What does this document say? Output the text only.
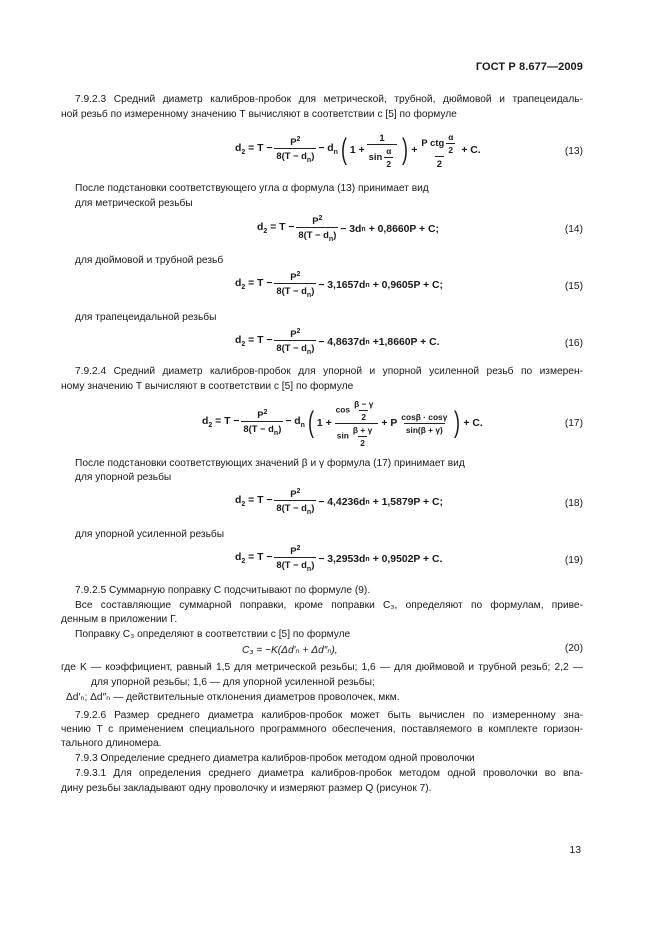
ГОСТ Р 8.677—2009
7.9.2.3 Средний диаметр калибров-пробок для метрической, трубной, дюймовой и трапецеидаль-
ной резьб по измеренному значению Т вычисляют в соответствии с [5] по формуле
$d_2 = T - \frac{P^2}{8(T - d_n)} - d_n$ ( $1 + \frac{1}{\sin \frac{\alpha}{2}}$ ) + $\frac{P ctg \frac{\alpha}{2}}{2} + C$.	(13)
После подстановки соответствующего угла α формула (13) принимает вид
для метрической резьбы
$d_2 = T - \frac{P^2}{8(T - d_n)} - 3d$ n + 0,8660P + C;	(14)
для дюймовой и трубной резьб
$d_2 = T - \frac{P^2}{8(T - d_n)} - 3,1657d$ n + 0,9605P + C;	(15)
для трапецеидальной резьбы
$d_2 = T - \frac{P^2}{8(T - d_n)} - 4,8637d$ n +1,8660P + C.	(16)
7.9.2.4 Средний диаметр калибров-пробок для упорной и упорной усиленной резьб по измерен-
ному значению Т вычисляют в соответствии с [5] по формуле
$d_2 = T - \frac{P^2}{8(T - d_n)} - d_n$ ( $1 + \frac{\cos \frac{\beta - \gamma}{2}}{\sin \frac{\beta + \gamma}{2}} + P \frac{\cos\beta \cdot \cos\gamma}{\sin(\beta + \gamma)}$ ) + C.	(17)
После подстановки соответствующих значений β и γ формула (17) принимает вид
для упорной резьбы
$d_2 = T - \frac{P^2}{8(T - d_n)} - 4,4236d$ n + 1,5879P + C;	(18)
для упорной усиленной резьбы
$d_2 = T - \frac{P^2}{8(T - d_n)} - 3,2953d$ n + 0,9502P + C.	(19)
7.9.2.5 Суммарную поправку C подсчитывают по формуле (9).
Все составляющие суммарной поправки, кроме поправки C₃, определяют по формулам, приве-
денным в приложении Г.
Поправку C₃ определяют в соответствии с [5] по формуле
C₃ = −K(Δd′ₙ + Δd″ₙ),	(20)
где K — коэффициент, равный 1,5 для метрической резьбы; 1,6 — для дюймовой и трубной резьб; 2,2 —
для упорной резьбы; 1,6 — для упорной усиленной резьбы;
Δd′ₙ; Δd″ₙ — действительные отклонения диаметров проволочек, мкм.
7.9.2.6 Размер среднего диаметра калибров-пробок может быть вычислен по измеренному зна-
чению T с применением специального программного обеспечения, поставляемого в комплекте горизон-
тального длиномера.
7.9.3 Определение среднего диаметра калибров-пробок методом одной проволочки
7.9.3.1 Для определения среднего диаметра калибров-пробок методом одной проволочки во впа-
дину резьбы закладывают одну проволочку и измеряют размер Q (рисунок 7).
13
